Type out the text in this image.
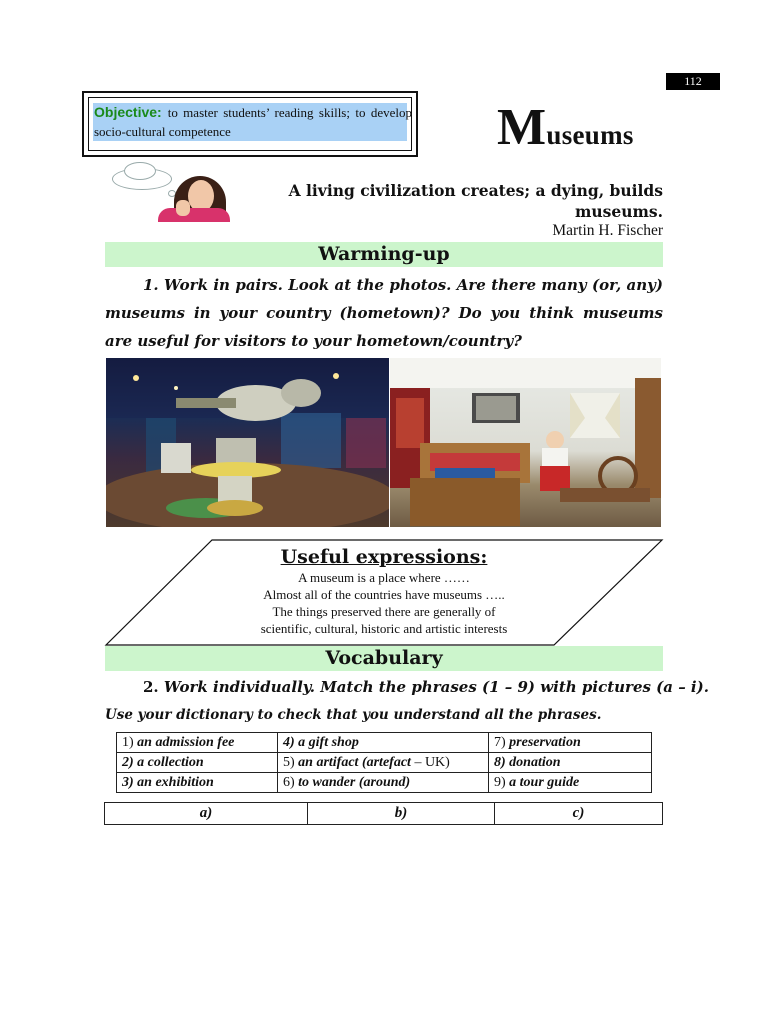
112
Objective: to master students’ reading skills; to develop socio-cultural competence	Museums
A living civilization creates; a dying, builds museums.
Martin H. Fischer
Warming-up
1. Work in pairs. Look at the photos. Are there many (or, any) museums in your country (hometown)? Do you think museums are useful for visitors to your hometown/country?
Useful expressions:
A museum is a place where ……
Almost all of the countries have museums …..
The things preserved there are generally of
scientific, cultural, historic and artistic interests
Vocabulary
2. Work individually. Match the phrases (1 – 9) with pictures (a – i).
Use your dictionary to check that you understand all the phrases.
1) an admission fee	4) a gift shop	7) preservation
2) a collection	5) an artifact (artefact – UK)	8) donation
3) an exhibition	6) to wander (around)	9) a tour guide
a)	b)	c)
